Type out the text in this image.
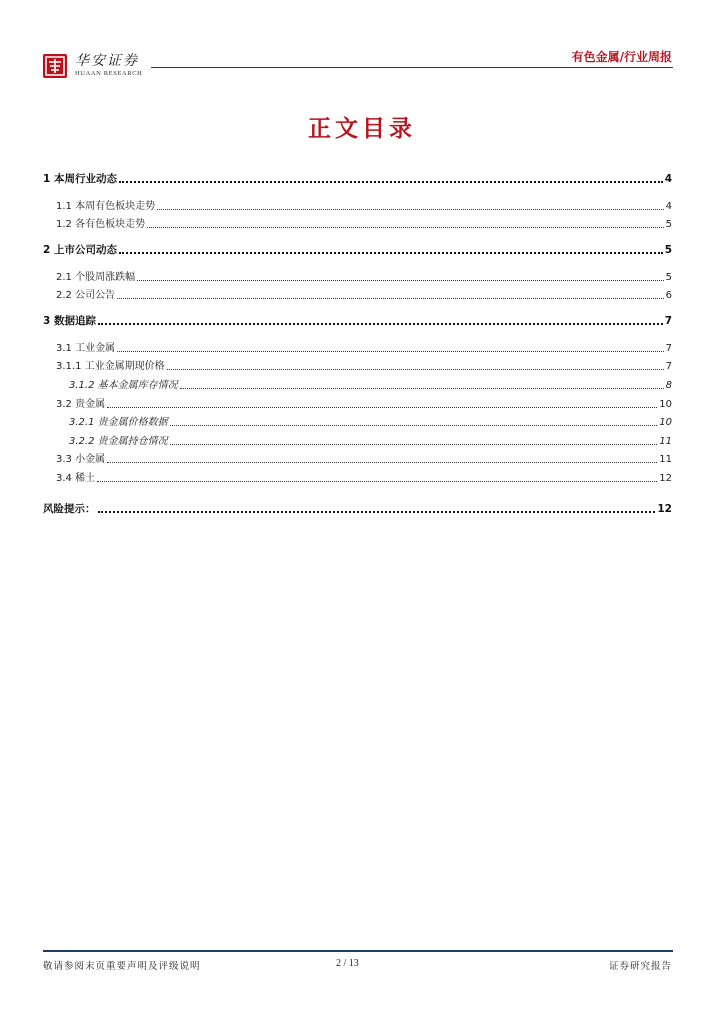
华安证券
HUAAN RESEARCH
有色金属/行业周报
正文目录
1 本周行业动态	4
1.1 本周有色板块走势	4
1.2 各有色板块走势	5
2 上市公司动态	5
2.1 个股周涨跌幅	5
2.2 公司公告	6
3 数据追踪	7
3.1 工业金属	7
3.1.1 工业金属期现价格	7
3.1.2 基本金属库存情况	8
3.2 贵金属	10
3.2.1 贵金属价格数据	10
3.2.2 贵金属持仓情况	11
3.3 小金属	11
3.4 稀土	12
风险提示：	12
敬请参阅末页重要声明及评级说明	2 / 13	证券研究报告
